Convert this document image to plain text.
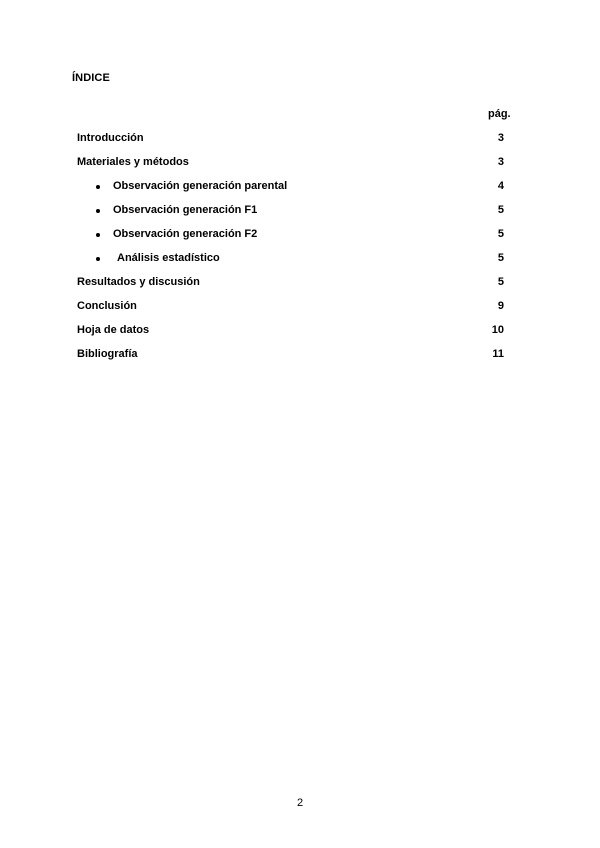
ÍNDICE
pág.
Introducción	3
Materiales y métodos	3
Observación generación parental	4
Observación generación F1	5
Observación generación F2	5
Análisis estadístico	5
Resultados y discusión	5
Conclusión	9
Hoja de datos	10
Bibliografía	11
2
